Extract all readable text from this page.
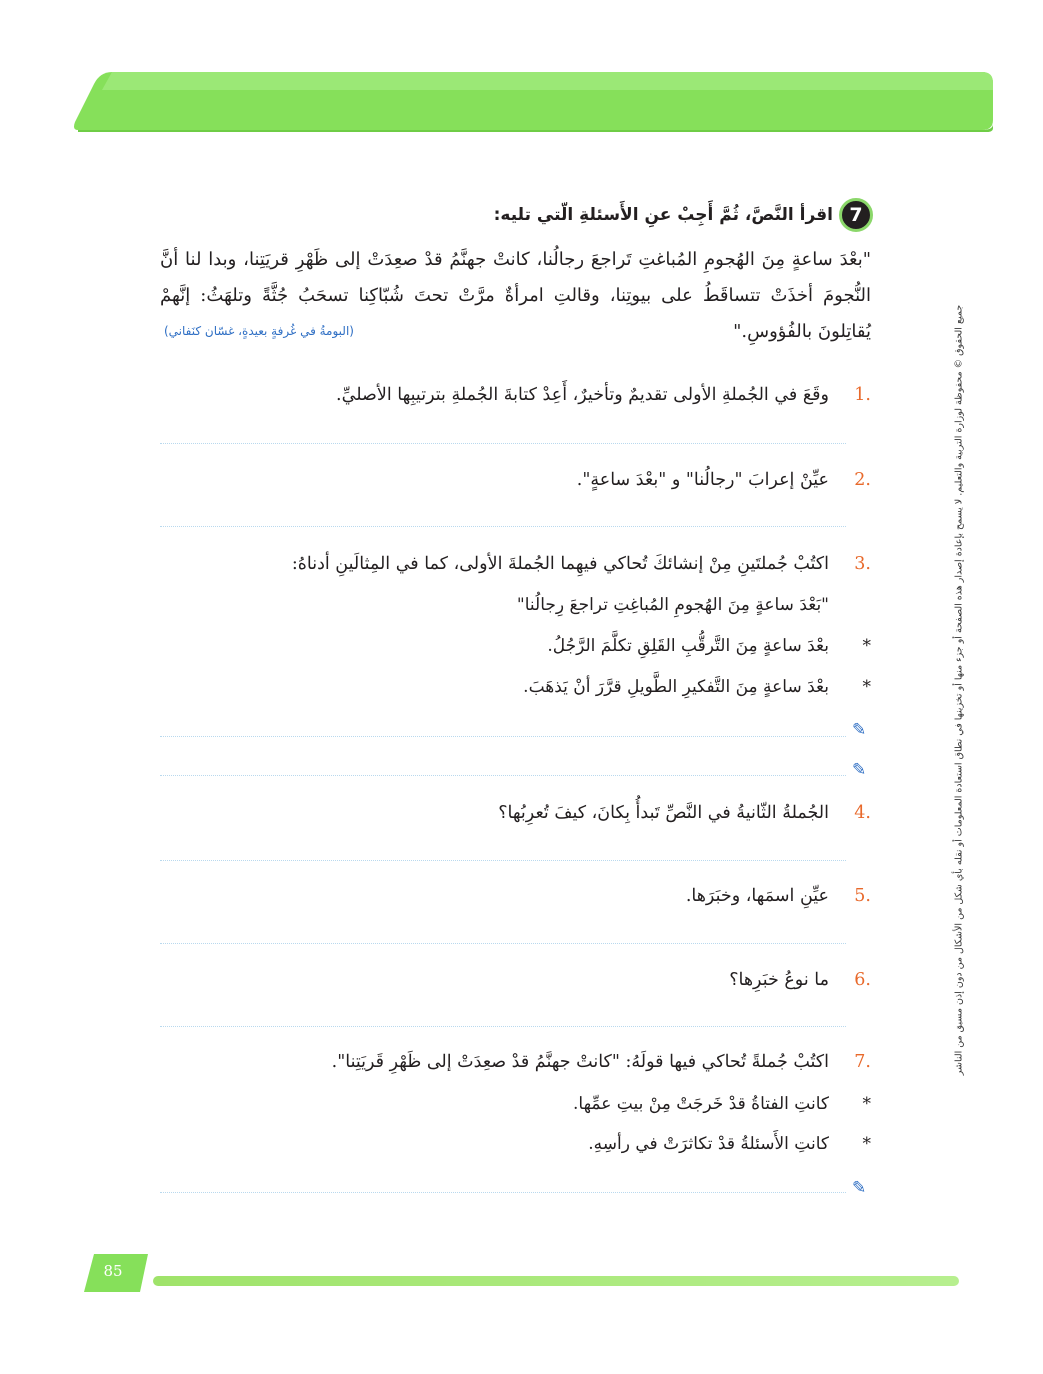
جميع الحقوق © محفوظة لوزارة التربية والتعليم. لا يسمح بإعادة إصدار هذه الصفحة أو جزء منها أو تخزينها في نطاق استعادة المعلومات أو نقله بأي شكل من الأشكال من دون إذن مسبق من الناشر
7
اقرأ النَّصَّ، ثُمَّ أَجِبْ عنِ الأَسئلةِ الّتي تليه:
"بعْدَ ساعةٍ مِنَ الهُجومِ المُباغتِ تَراجعَ رجالُنا، كانتْ جهنَّمُ قدْ صعِدَتْ إلى ظَهْرِ قريَتِنا، وبدا لنا أنَّ النُّجومَ أخذَتْ تتساقَطُ على بيوتِنا، وقالتِ امرأةٌ مرَّتْ تحتَ شُبّاكِنا تسحَبُ جُثَّةً وتلهَثُ: إنَّهمْ يُقاتِلونَ بالفُؤوسِ."
(البومةُ في غُرفةٍ بعيدةٍ، غسّان كنَفاني)
.1وقَعَ في الجُملةِ الأولى تقديمٌ وتأخيرٌ، أَعِدْ كتابةَ الجُملةِ بترتيبِها الأصليِّ.
.2عيِّنْ إعرابَ "رجالُنا" و "بعْدَ ساعةٍ".
.3اكتُبْ جُملتَينِ مِنْ إنشائكَ تُحاكي فيهِما الجُملةَ الأولى، كما في المِثالَينِ أدناهُ:
"بَعْدَ ساعةٍ مِنَ الهُجومِ المُباغِتِ تراجعَ رِجالُنا"
*بعْدَ ساعةٍ مِنَ التَّرقُّبِ القَلِقِ تكلَّمَ الرَّجُلُ.
*بعْدَ ساعةٍ مِنَ التَّفكيرِ الطَّويلِ قرَّرَ أنْ يَذهَبَ.
✎
✎
.4الجُملةُ الثّانيةُ في النَّصِّ تَبدأُ بِكانَ، كيفَ تُعرِبُها؟
.5عيِّنِ اسمَها، وخبَرَها.
.6ما نوعُ خبَرِها؟
.7اكتُبْ جُملةً تُحاكي فيها قولَهُ: "كانتْ جهنَّمُ قدْ صعِدَتْ إلى ظَهْرِ قَريَتِنا".
*كانتِ الفتاةُ قدْ خَرجَتْ مِنْ بيتِ عمِّها.
*كانتِ الأَسئلةُ قدْ تكاثرَتْ في رأسِهِ.
✎
85
